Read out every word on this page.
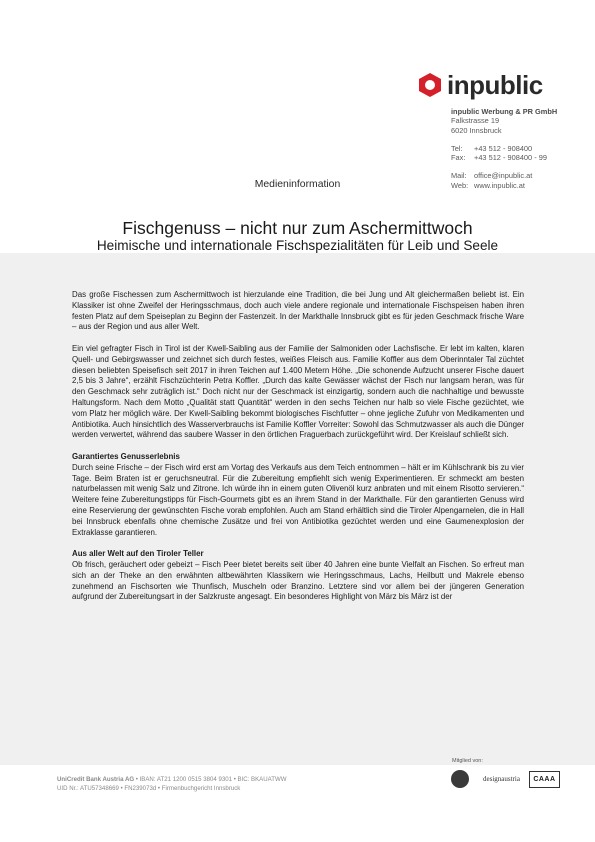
inpublic
inpublic Werbung & PR GmbH
Falkstrasse 19
6020 Innsbruck
Tel:	+43 512 - 908400
Fax:	+43 512 - 908400 - 99
Mail: office@inpublic.at
Web: www.inpublic.at
Medieninformation
Fischgenuss – nicht nur zum Aschermittwoch
Heimische und internationale Fischspezialitäten für Leib und Seele

Das große Fischessen zum Aschermittwoch ist hierzulande eine Tradition, die bei Jung und Alt gleichermaßen beliebt ist. Ein Klassiker ist ohne Zweifel der Heringsschmaus, doch auch viele andere regionale und internationale Fischspeisen haben ihren festen Platz auf dem Speiseplan zu Beginn der Fastenzeit. In der Markthalle Innsbruck gibt es für jeden Geschmack frische Ware – aus der Region und aus aller Welt.

Ein viel gefragter Fisch in Tirol ist der Kwell-Saibling aus der Familie der Salmoniden oder Lachsfische. Er lebt im kalten, klaren Quell- und Gebirgswasser und zeichnet sich durch festes, weißes Fleisch aus. Familie Koffler aus dem Oberinntaler Tal züchtet diesen beliebten Speisefisch seit 2017 in ihren Teichen auf 1.400 Metern Höhe. „Die schonende Aufzucht unserer Fische dauert 2,5 bis 3 Jahre“, erzählt Fischzüchterin Petra Koffler. „Durch das kalte Gewässer wächst der Fisch nur langsam heran, was für den Geschmack sehr zuträglich ist.“ Doch nicht nur der Geschmack ist einzigartig, sondern auch die nachhaltige und bewusste Haltungsform. Nach dem Motto „Qualität statt Quantität“ werden in den sechs Teichen nur halb so viele Fische gezüchtet, wie vom Platz her möglich wäre. Der Kwell-Saibling bekommt biologisches Fischfutter – ohne jegliche Zufuhr von Medikamenten und Antibiotika. Auch hinsichtlich des Wasserverbrauchs ist Familie Koffler Vorreiter: Sowohl das Schmutzwasser als auch die Dünger werden verwertet, während das saubere Wasser in den örtlichen Fraguerbach zurückgeführt wird. Der Kreislauf schließt sich.

Garantiertes Genusserlebnis

Durch seine Frische – der Fisch wird erst am Vortag des Verkaufs aus dem Teich entnommen – hält er im Kühlschrank bis zu vier Tage. Beim Braten ist er geruchsneutral. Für die Zubereitung empfiehlt sich wenig Experimentieren. Er schmeckt am besten naturbelassen mit wenig Salz und Zitrone. Ich würde ihn in einem guten Olivenöl kurz anbraten und mit einem Risotto servieren.“ Weitere feine Zubereitungstipps für Fisch-Gourmets gibt es an ihrem Stand in der Markthalle. Für den garantierten Genuss wird eine Reservierung der gewünschten Fische vorab empfohlen. Auch am Stand erhältlich sind die Tiroler Alpengarnelen, die in Hall bei Innsbruck ebenfalls ohne chemische Zusätze und frei von Antibiotika gezüchtet werden und eine Gaumenexplosion der Extraklasse garantieren.

Aus aller Welt auf den Tiroler Teller

Ob frisch, geräuchert oder gebeizt – Fisch Peer bietet bereits seit über 40 Jahren eine bunte Vielfalt an Fischen. So erfreut man sich an der Theke an den erwähnten altbewährten Klassikern wie Heringsschmaus, Lachs, Heilbutt und Makrele ebenso zunehmend an Fischsorten wie Thunfisch, Muscheln oder Branzino. Letztere sind vor allem bei der jüngeren Generation aufgrund der Zubereitungsart in der Salzkruste angesagt. Ein besonderes Highlight von März bis März ist der

UniCredit Bank Austria AG • IBAN: AT21 1200 0515 3804 9301 • BIC: BKAUATWW
UID Nr.: ATU57348669 • FN239073d • Firmenbuchgericht Innsbruck
Mitglied von:
designaustria	CAAA
